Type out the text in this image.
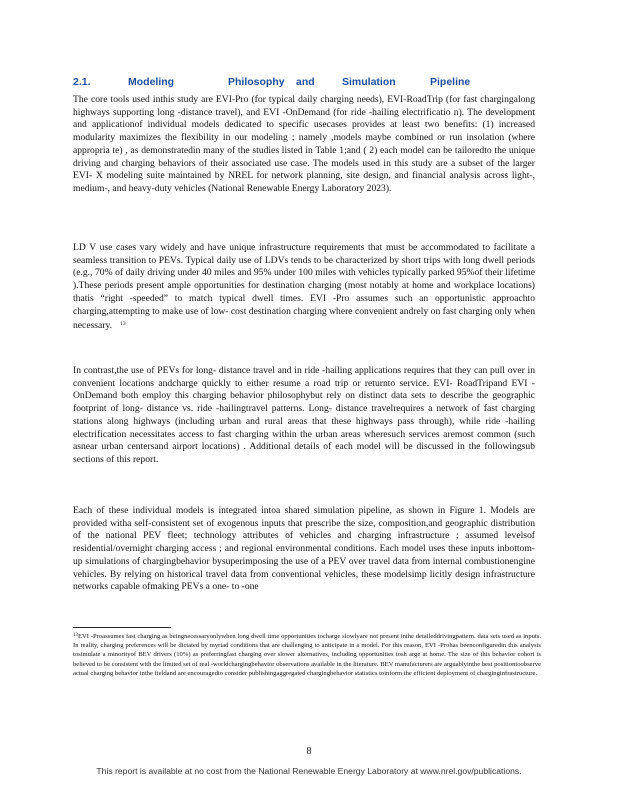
2.1.	Modeling	Philosophy	and	Simulation	Pipeline

The core tools used inthis study are EVI-Pro (for typical daily charging needs), EVI-RoadTrip (for fast chargingalong highways supporting long -distance travel), and EVI -OnDemand (for ride -hailing electrificatio n). The development and applicationof individual models dedicated to specific usecases provides at least two benefits: (1) increased modularity maximizes the flexibility in our modeling ; namely ,models maybe combined or run insolation (where appropria te) , as demonstratedin many of the studies listed in Table 1;and ( 2) each model can be tailoredto the unique driving and charging behaviors of their associated use case. The models used in this study are a subset of the larger EVI- X modeling suite maintained by NREL for network planning, site design, and financial analysis across light-, medium-, and heavy-duty vehicles (National Renewable Energy Laboratory 2023).

LD V use cases vary widely and have unique infrastructure requirements that must be accommodated to facilitate a seamless transition to PEVs. Typical daily use of LDVs tends to be characterized by short trips with long dwell periods (e.g., 70% of daily driving under 40 miles and 95% under 100 miles with vehicles typically parked 95%of their lifetime ).These periods present ample opportunities for destination charging (most notably at home and workplace locations) thatis “right -speeded” to match typical dwell times. EVI -Pro assumes such an opportunistic approachto charging,attempting to make use of low- cost destination charging where convenient andrely on fast charging only when necessary. $^{13}$

In contrast,the use of PEVs for long- distance travel and in ride -hailing applications requires that they can pull over in convenient locations andcharge quickly to either resume a road trip or returnto service. EVI- RoadTripand EVI -OnDemand both employ this charging behavior philosophybut rely on distinct data sets to describe the geographic footprint of long- distance vs. ride -hailingtravel patterns. Long- distance travelrequires a network of fast charging stations along highways (including urban and rural areas that these highways pass through), while ride -hailing electrification necessitates access to fast charging within the urban areas wheresuch services aremost common (such asnear urban centersand airport locations) . Additional details of each model will be discussed in the followingsub sections of this report.

Each of these individual models is integrated intoa shared simulation pipeline, as shown in Figure 1. Models are provided witha self-consistent set of exogenous inputs that prescribe the size, composition,and geographic distribution of the national PEV fleet; technology attributes of vehicles and charging infrastructure ; assumed levelsof residential/overnight charging access ; and regional environmental conditions. Each model uses these inputs inbottom-up simulations of chargingbehavior bysuperimposing the use of a PEV over travel data from internal combustionengine vehicles. By relying on historical travel data from conventional vehicles, these modelsimp licitly design infrastructure networks capable ofmaking PEVs a one- to -one

$^{13}$EVI -Proassumes fast charging as beingnecessaryonlywhen long dwell time opportunities tocharge slowlyare not present inthe detaileddrivingpattern. data sets used as inputs. In reality, charging preferences will be dictated by myriad conditions that are challenging to anticipate in a model. For this reason, EVI -Prohas beenconfiguredin this analysis tosimulate a minorityof BEV drivers (10%) as preferringfast charging over slower alternatives, including opportunities tosh arge at home. The size of this behavior cohort is believed to be consistent with the limited set of real -worldchargingbehavior observations available in the literature. BEV manufacturers are arguablyinthe best positiontoobserve actual charging behavior inthe fieldand are encouragedto consider publishingaggregated chargingbehavior statistics toinform the efficient deployment of charginginfrastructure.

8
This report is available at no cost from the National Renewable Energy Laboratory at www.nrel.gov/publications.
